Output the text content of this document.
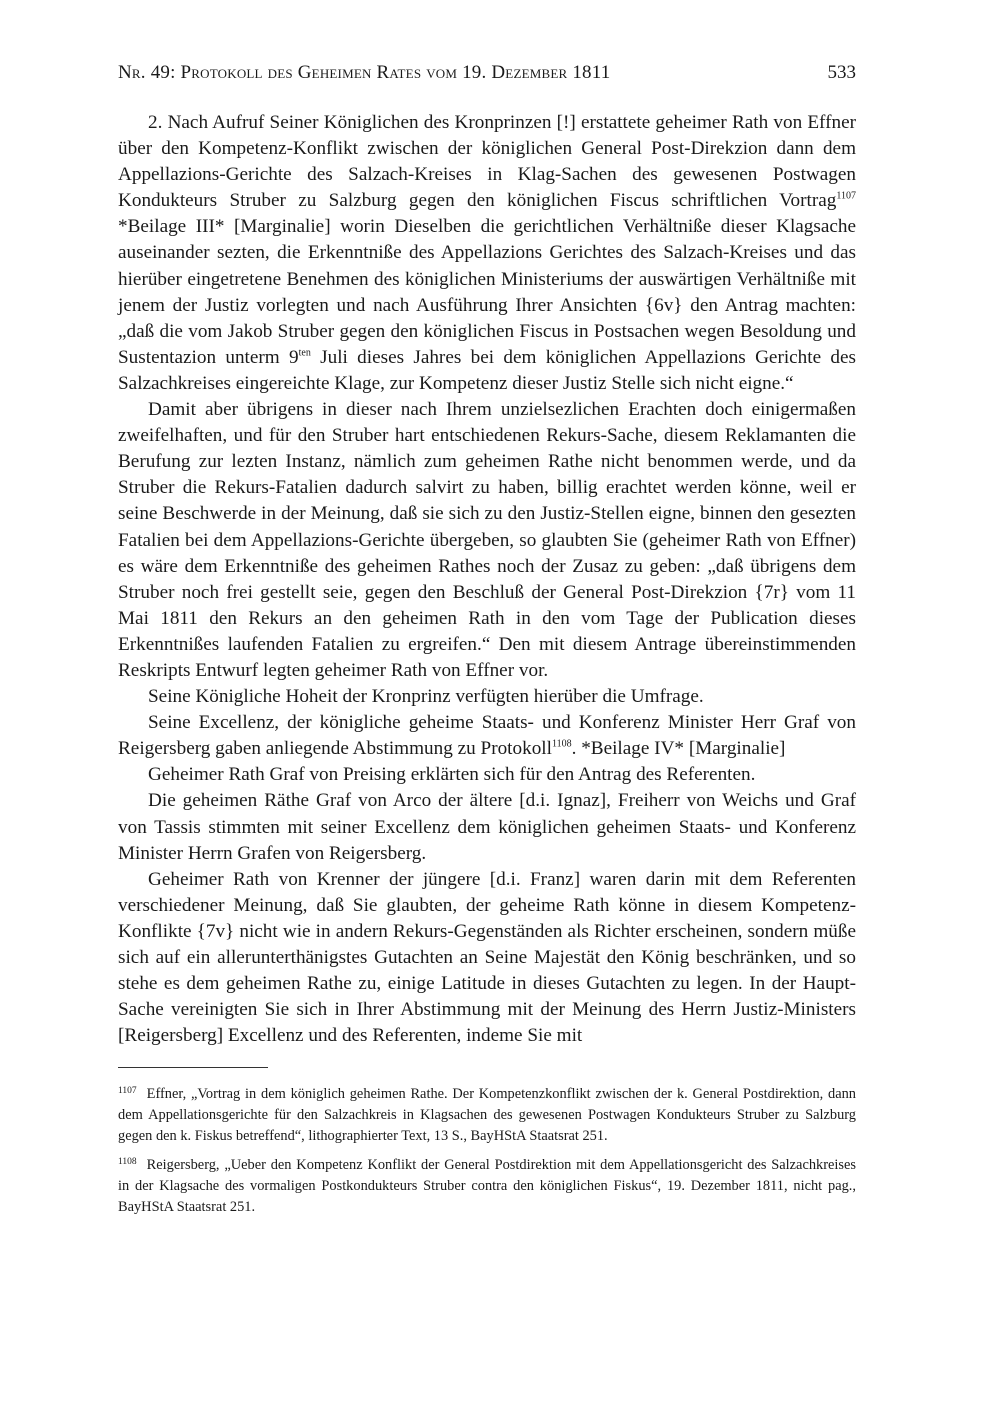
Nr. 49: Protokoll des Geheimen Rates vom 19. Dezember 1811	533

2. Nach Aufruf Seiner Königlichen des Kronprinzen [!] erstattete geheimer Rath von Effner über den Kompetenz-Konflikt zwischen der königlichen General Post-Direkzion dann dem Appellazions-Gerichte des Salzach-Kreises in Klag-Sachen des gewesenen Postwagen Kondukteurs Struber zu Salzburg gegen den königlichen Fiscus schriftlichen Vortrag$^{1107}$ *Beilage III* [Marginalie] worin Dieselben die gerichtlichen Verhältniße dieser Klagsache auseinander sezten, die Erkenntniße des Appellazions Gerichtes des Salzach-Kreises und das hierüber eingetretene Benehmen des königlichen Ministeriums der auswärtigen Verhältniße mit jenem der Justiz vorlegten und nach Ausführung Ihrer Ansichten {6v} den Antrag machten: „daß die vom Jakob Struber gegen den königlichen Fiscus in Postsachen wegen Besoldung und Sustentazion unterm 9$^{ten}$ Juli dieses Jahres bei dem königlichen Appellazions Gerichte des Salzachkreises eingereichte Klage, zur Kompetenz dieser Justiz Stelle sich nicht eigne.“

Damit aber übrigens in dieser nach Ihrem unzielsezlichen Erachten doch einigermaßen zweifelhaften, und für den Struber hart entschiedenen Rekurs-Sache, diesem Reklamanten die Berufung zur lezten Instanz, nämlich zum geheimen Rathe nicht benommen werde, und da Struber die Rekurs-Fatalien dadurch salvirt zu haben, billig erachtet werden könne, weil er seine Beschwerde in der Meinung, daß sie sich zu den Justiz-Stellen eigne, binnen den gesezten Fatalien bei dem Appellazions-Gerichte übergeben, so glaubten Sie (geheimer Rath von Effner) es wäre dem Erkenntniße des geheimen Rathes noch der Zusaz zu geben: „daß übrigens dem Struber noch frei gestellt seie, gegen den Beschluß der General Post-Direkzion {7r} vom 11 Mai 1811 den Rekurs an den geheimen Rath in den vom Tage der Publication dieses Erkenntnißes laufenden Fatalien zu ergreifen.“ Den mit diesem Antrage übereinstimmenden Reskripts Entwurf legten geheimer Rath von Effner vor.

Seine Königliche Hoheit der Kronprinz verfügten hierüber die Umfrage.

Seine Excellenz, der königliche geheime Staats- und Konferenz Minister Herr Graf von Reigersberg gaben anliegende Abstimmung zu Protokoll$^{1108}$. *Beilage IV* [Marginalie]

Geheimer Rath Graf von Preising erklärten sich für den Antrag des Referenten.

Die geheimen Räthe Graf von Arco der ältere [d.i. Ignaz], Freiherr von Weichs und Graf von Tassis stimmten mit seiner Excellenz dem königlichen geheimen Staats- und Konferenz Minister Herrn Grafen von Reigersberg.

Geheimer Rath von Krenner der jüngere [d.i. Franz] waren darin mit dem Referenten verschiedener Meinung, daß Sie glaubten, der geheime Rath könne in diesem Kompetenz-Konflikte {7v} nicht wie in andern Rekurs-Gegenständen als Richter erscheinen, sondern müße sich auf ein allerunterthänigstes Gutachten an Seine Majestät den König beschränken, und so stehe es dem geheimen Rathe zu, einige Latitude in dieses Gutachten zu legen. In der Haupt-Sache vereinigten Sie sich in Ihrer Abstimmung mit der Meinung des Herrn Justiz-Ministers [Reigersberg] Excellenz und des Referenten, indeme Sie mit

$^{1107}$ Effner, „Vortrag in dem königlich geheimen Rathe. Der Kompetenzkonflikt zwischen der k. General Postdirektion, dann dem Appellationsgerichte für den Salzachkreis in Klagsachen des gewesenen Postwagen Kondukteurs Struber zu Salzburg gegen den k. Fiskus betreffend“, lithographierter Text, 13 S., BayHStA Staatsrat 251.

$^{1108}$ Reigersberg, „Ueber den Kompetenz Konflikt der General Postdirektion mit dem Appellationsgericht des Salzachkreises in der Klagsache des vormaligen Postkondukteurs Struber contra den königlichen Fiskus“, 19. Dezember 1811, nicht pag., BayHStA Staatsrat 251.
